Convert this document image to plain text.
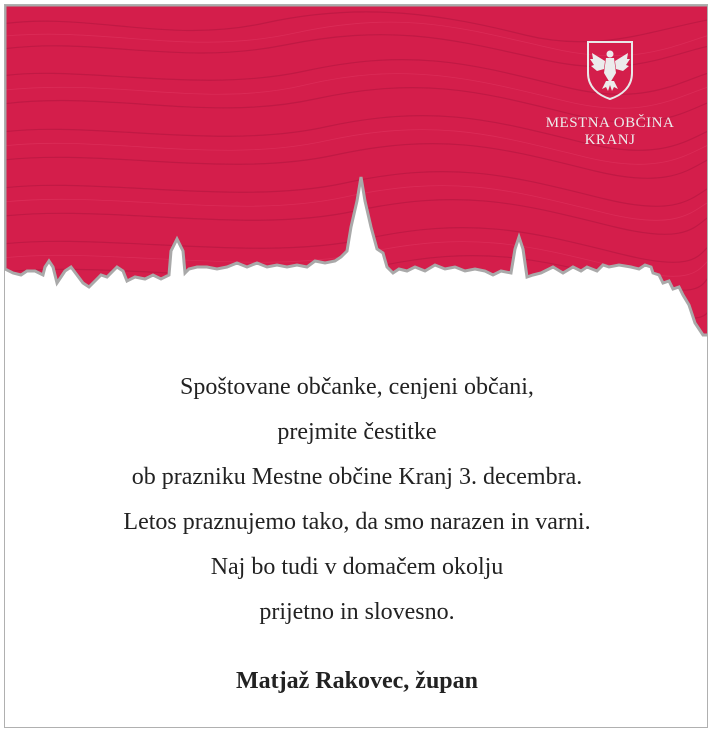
MESTNA OBČINA
KRANJ

Spoštovane občanke, cenjeni občani,

prejmite čestitke

ob prazniku Mestne občine Kranj 3. decembra.

Letos praznujemo tako, da smo narazen in varni.

Naj bo tudi v domačem okolju

prijetno in slovesno.

Matjaž Rakovec, župan
